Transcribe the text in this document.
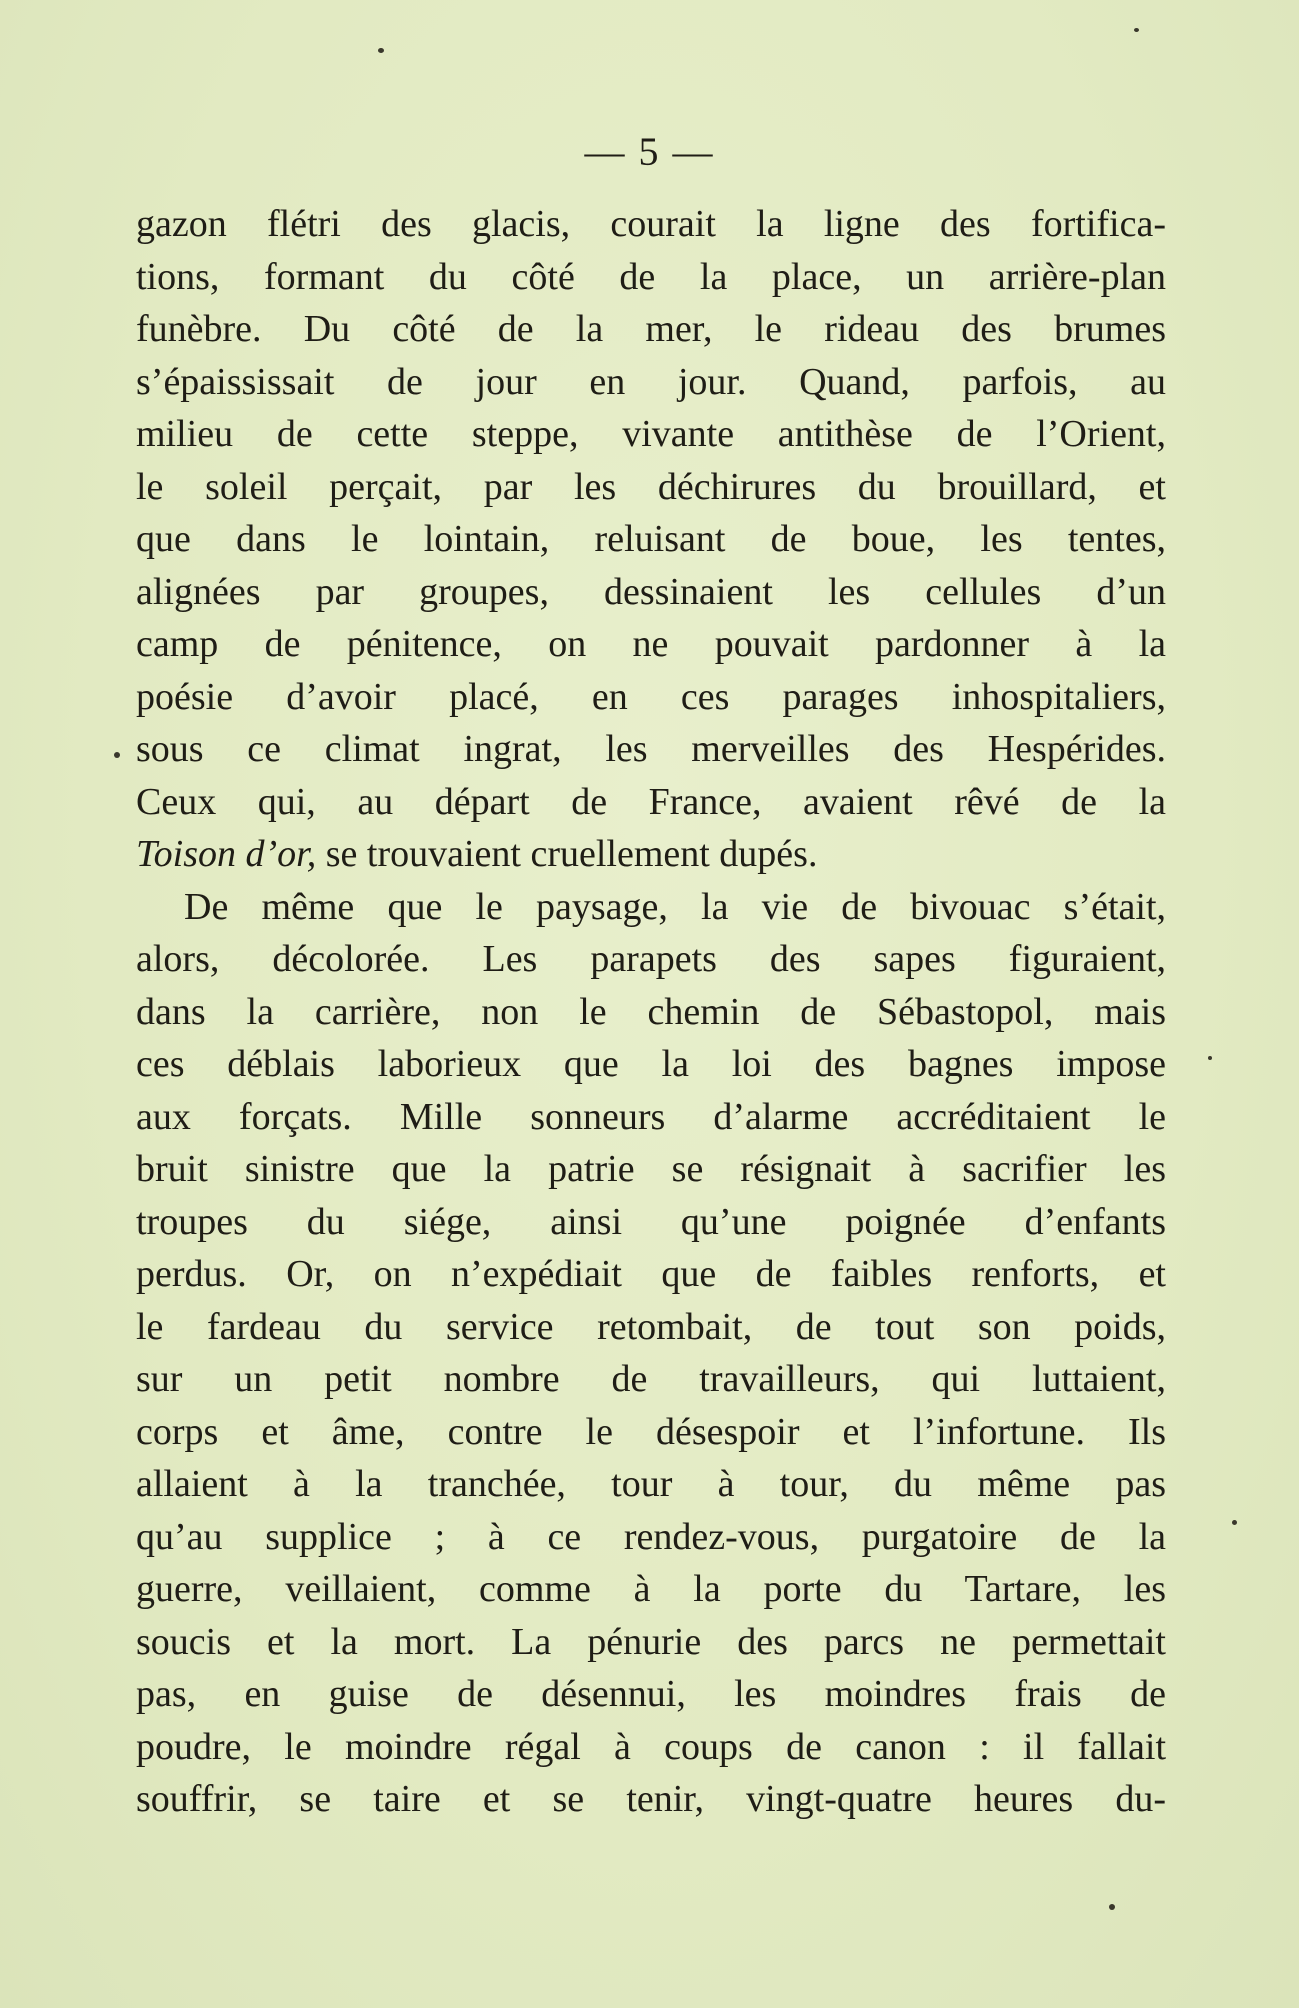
— 5 —
gazon flétri des glacis, courait la ligne des fortifica-
tions, formant du côté de la place, un arrière-plan
funèbre. Du côté de la mer, le rideau des brumes
s’épaississait de jour en jour. Quand, parfois, au
milieu de cette steppe, vivante antithèse de l’Orient,
le soleil perçait, par les déchirures du brouillard, et
que dans le lointain, reluisant de boue, les tentes,
alignées par groupes, dessinaient les cellules d’un
camp de pénitence, on ne pouvait pardonner à la
poésie d’avoir placé, en ces parages inhospitaliers,
sous ce climat ingrat, les merveilles des Hespérides.
Ceux qui, au départ de France, avaient rêvé de la
Toison d’or, se trouvaient cruellement dupés.
De même que le paysage, la vie de bivouac s’était,
alors, décolorée. Les parapets des sapes figuraient,
dans la carrière, non le chemin de Sébastopol, mais
ces déblais laborieux que la loi des bagnes impose
aux forçats. Mille sonneurs d’alarme accréditaient le
bruit sinistre que la patrie se résignait à sacrifier les
troupes du siége, ainsi qu’une poignée d’enfants
perdus. Or, on n’expédiait que de faibles renforts, et
le fardeau du service retombait, de tout son poids,
sur un petit nombre de travailleurs, qui luttaient,
corps et âme, contre le désespoir et l’infortune. Ils
allaient à la tranchée, tour à tour, du même pas
qu’au supplice ; à ce rendez-vous, purgatoire de la
guerre, veillaient, comme à la porte du Tartare, les
soucis et la mort. La pénurie des parcs ne permettait
pas, en guise de désennui, les moindres frais de
poudre, le moindre régal à coups de canon : il fallait
souffrir, se taire et se tenir, vingt-quatre heures du-
